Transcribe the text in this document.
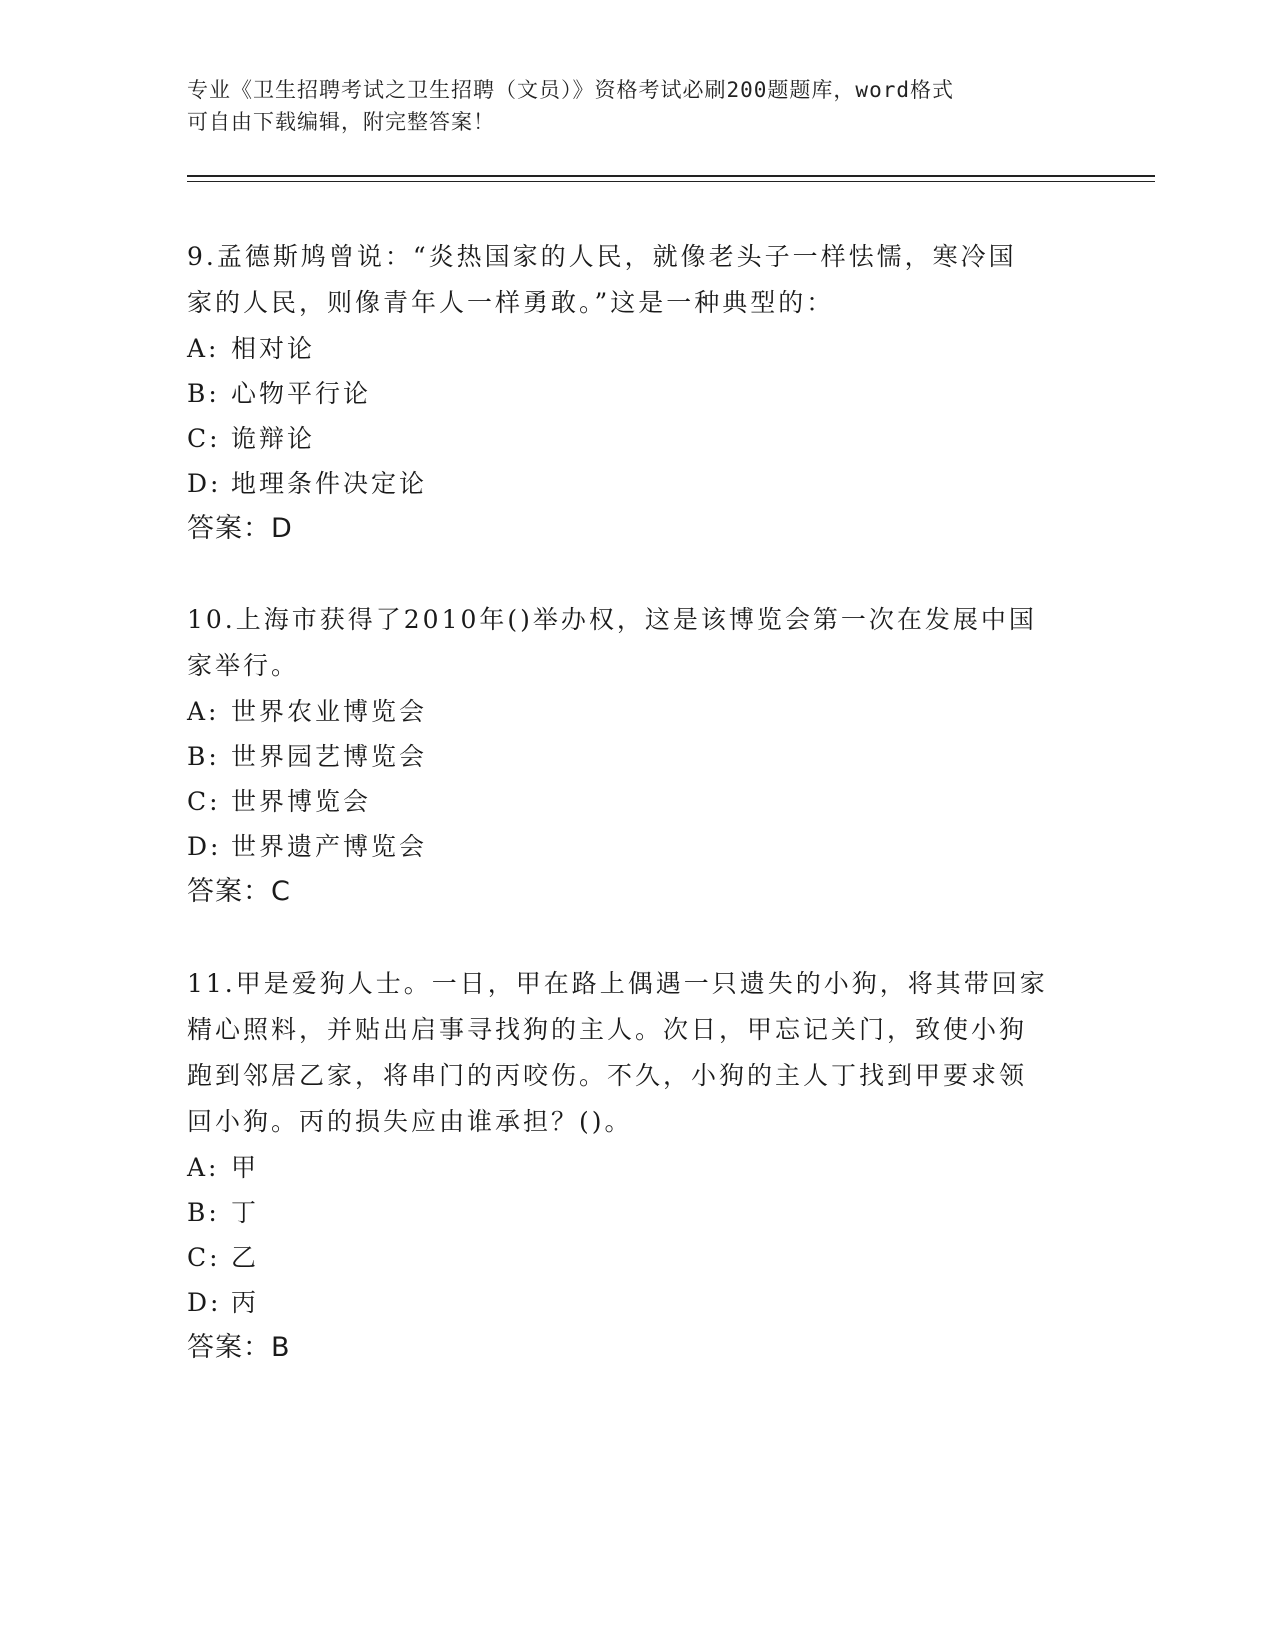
专业《卫生招聘考试之卫生招聘（文员）》资格考试必刷200题题库，word格式
可自由下载编辑，附完整答案！

9.孟德斯鸠曾说：“炎热国家的人民，就像老头子一样怯懦，寒冷国

家的人民，则像青年人一样勇敢。”这是一种典型的：

A: 相对论

B: 心物平行论

C: 诡辩论

D: 地理条件决定论

答案：D

10.上海市获得了2010年()举办权，这是该博览会第一次在发展中国

家举行。

A: 世界农业博览会

B: 世界园艺博览会

C: 世界博览会

D: 世界遗产博览会

答案：C

11.甲是爱狗人士。一日，甲在路上偶遇一只遗失的小狗，将其带回家

精心照料，并贴出启事寻找狗的主人。次日，甲忘记关门，致使小狗

跑到邻居乙家，将串门的丙咬伤。不久，小狗的主人丁找到甲要求领

回小狗。丙的损失应由谁承担？()。

A: 甲

B: 丁

C: 乙

D: 丙

答案：B
